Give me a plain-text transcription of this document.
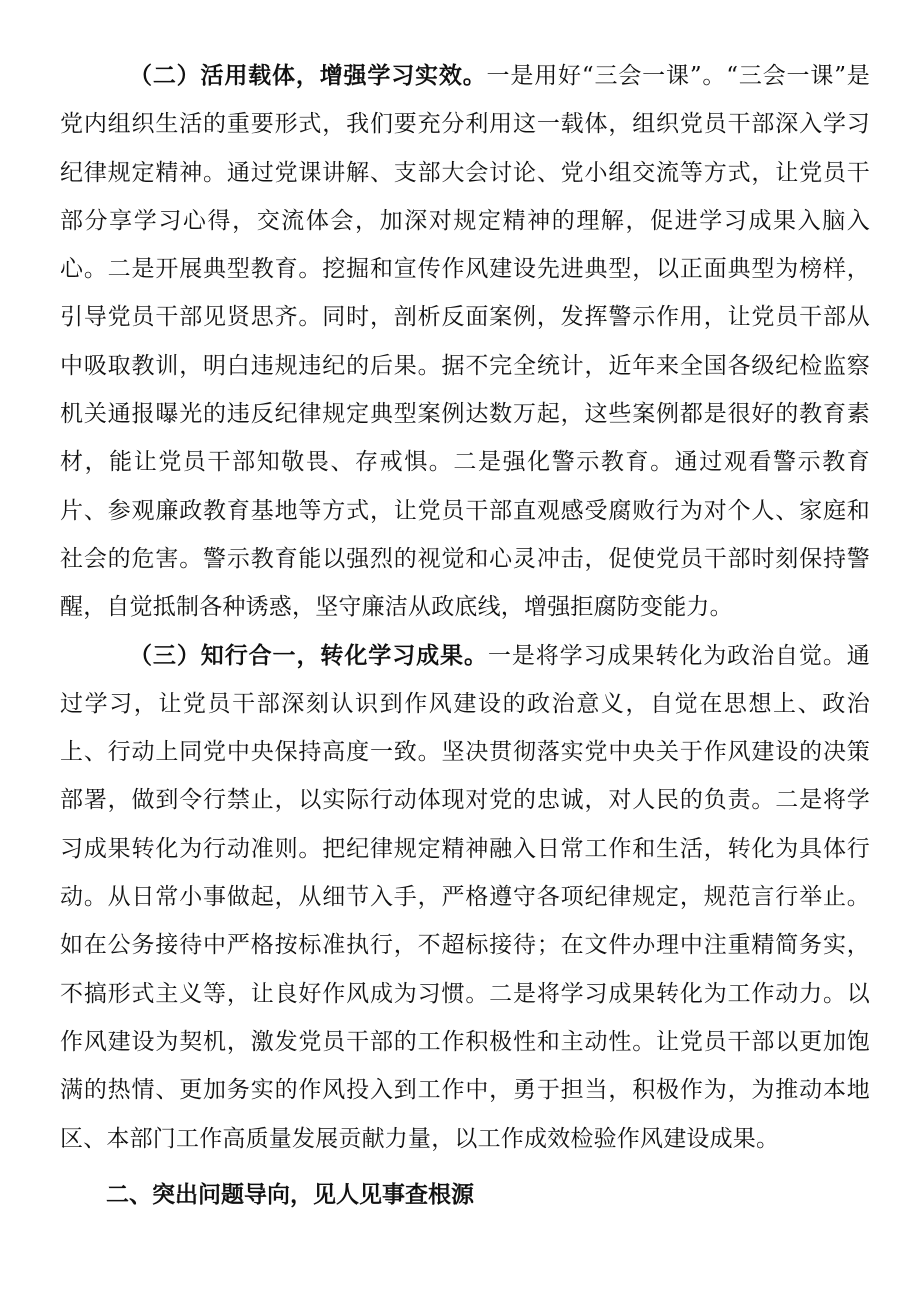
（二）活用载体，增强学习实效。一是用好“三会一课”。“三会一课”是党内组织生活的重要形式，我们要充分利用这一载体，组织党员干部深入学习纪律规定精神。通过党课讲解、支部大会讨论、党小组交流等方式，让党员干部分享学习心得，交流体会，加深对规定精神的理解，促进学习成果入脑入心。二是开展典型教育。挖掘和宣传作风建设先进典型，以正面典型为榜样，引导党员干部见贤思齐。同时，剖析反面案例，发挥警示作用，让党员干部从中吸取教训，明白违规违纪的后果。据不完全统计，近年来全国各级纪检监察机关通报曝光的违反纪律规定典型案例达数万起，这些案例都是很好的教育素材，能让党员干部知敬畏、存戒惧。二是强化警示教育。通过观看警示教育片、参观廉政教育基地等方式，让党员干部直观感受腐败行为对个人、家庭和社会的危害。警示教育能以强烈的视觉和心灵冲击，促使党员干部时刻保持警醒，自觉抵制各种诱惑，坚守廉洁从政底线，增强拒腐防变能力。

（三）知行合一，转化学习成果。一是将学习成果转化为政治自觉。通过学习，让党员干部深刻认识到作风建设的政治意义，自觉在思想上、政治上、行动上同党中央保持高度一致。坚决贯彻落实党中央关于作风建设的决策部署，做到令行禁止，以实际行动体现对党的忠诚，对人民的负责。二是将学习成果转化为行动准则。把纪律规定精神融入日常工作和生活，转化为具体行动。从日常小事做起，从细节入手，严格遵守各项纪律规定，规范言行举止。如在公务接待中严格按标准执行，不超标接待；在文件办理中注重精简务实，不搞形式主义等，让良好作风成为习惯。二是将学习成果转化为工作动力。以作风建设为契机，激发党员干部的工作积极性和主动性。让党员干部以更加饱满的热情、更加务实的作风投入到工作中，勇于担当，积极作为，为推动本地区、本部门工作高质量发展贡献力量，以工作成效检验作风建设成果。

二、突出问题导向，见人见事查根源
